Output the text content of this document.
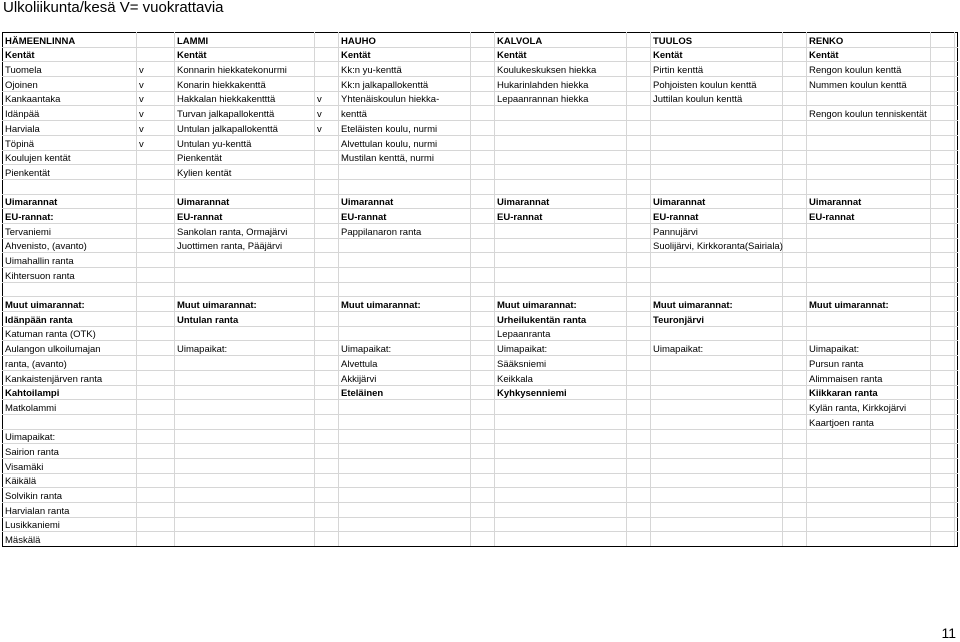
Ulkoliikunta/kesä V= vuokrattavia
HÄMEENLINNA		LAMMI		HAUHO		KALVOLA		TUULOS		RENKO		
Kentät		Kentät		Kentät		Kentät		Kentät		Kentät		
Tuomela	v	Konnarin hiekkatekonurmi		Kk:n yu-kenttä		Koulukeskuksen hiekka		Pirtin kenttä		Rengon koulun kenttä		
Ojoinen	v	Konarin hiekkakenttä		Kk:n jalkapallokenttä		Hukarinlahden hiekka		Pohjoisten koulun kenttä		Nummen koulun kenttä		
Kankaantaka	v	Hakkalan hiekkakentttä	v	Yhtenäiskoulun hiekka-		Lepaanrannan hiekka		Juttilan koulun kenttä				
Idänpää	v	Turvan jalkapallokenttä	v	kenttä						Rengon koulun tenniskentät		
Harviala	v	Untulan jalkapallokenttä	v	Eteläisten koulu, nurmi								
Töpinä	v	Untulan yu-kenttä		Alvettulan koulu, nurmi								
Koulujen kentät		Pienkentät		Mustilan kenttä, nurmi								
Pienkentät		Kylien kentät										

Uimarannat		Uimarannat		Uimarannat		Uimarannat		Uimarannat		Uimarannat		
EU-rannat:		EU-rannat		EU-rannat		EU-rannat		EU-rannat		EU-rannat		
Tervaniemi		Sankolan ranta, Ormajärvi		Pappilanaron ranta				Pannujärvi				
Ahvenisto, (avanto)		Juottimen ranta, Pääjärvi						Suolijärvi, Kirkkoranta(Sairiala)				
Uimahallin ranta												
Kihtersuon ranta												

Muut uimarannat:		Muut uimarannat:		Muut uimarannat:		Muut uimarannat:		Muut uimarannat:		Muut uimarannat:		
Idänpään ranta		Untulan ranta				Urheilukentän ranta		Teuronjärvi				
Katuman ranta (OTK)						Lepaanranta						
Aulangon ulkoilumajan		Uimapaikat:		Uimapaikat:		Uimapaikat:		Uimapaikat:		Uimapaikat:		
ranta, (avanto)				Alvettula		Sääksniemi				Pursun ranta		
Kankaistenjärven ranta				Akkijärvi		Keikkala				Alimmaisen ranta		
Kahtoilampi				Eteläinen		Kyhkysenniemi				Kiikkaran ranta		
Matkolammi										Kylän ranta, Kirkkojärvi		
										Kaartjoen ranta		
Uimapaikat:												
Sairion ranta												
Visamäki												
Käikälä												
Solvikin ranta												
Harvialan ranta												
Lusikkaniemi												
Mäskälä												
11
